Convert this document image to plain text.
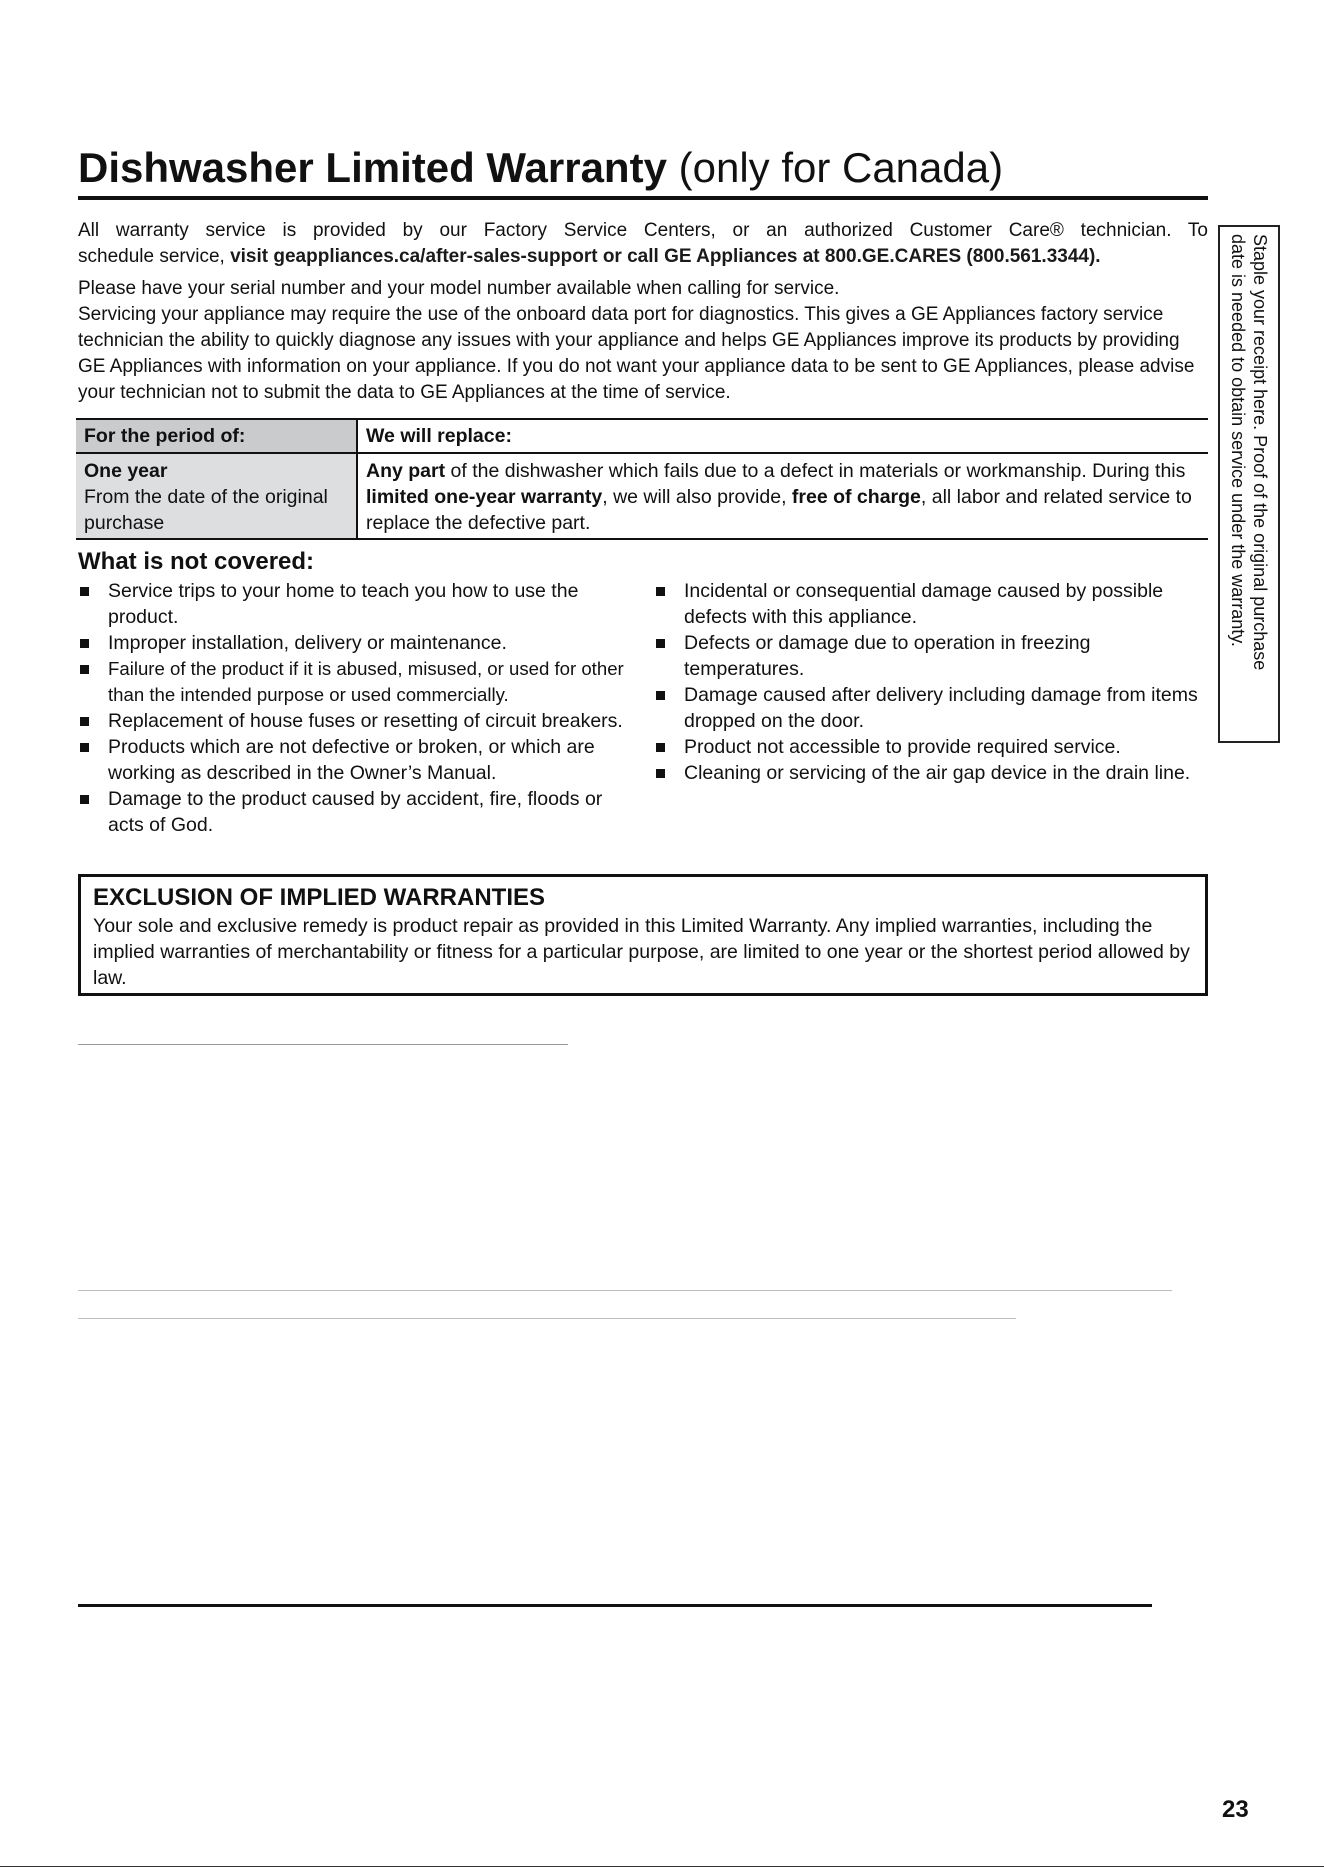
Dishwasher Limited Warranty (only for Canada)

All warranty service is provided by our Factory Service Centers, or an authorized Customer Care® technician. To

schedule service, visit geappliances.ca/after-sales-support or call GE Appliances at 800.GE.CARES (800.561.3344).

Please have your serial number and your model number available when calling for service.

Servicing your appliance may require the use of the onboard data port for diagnostics. This gives a GE Appliances factory service technician the ability to quickly diagnose any issues with your appliance and helps GE Appliances improve its products by providing GE Appliances with information on your appliance. If you do not want your appliance data to be sent to GE Appliances, please advise your technician not to submit the data to GE Appliances at the time of service.	Staple your receipt here. Proof of the original purchase
date is needed to obtain service under the warranty.
For the period of:	We will replace:

One year
From the date of the original purchase	Any part of the dishwasher which fails due to a defect in materials or workmanship. During this limited one-year warranty, we will also provide, free of charge, all labor and related service to replace the defective part.
What is not covered:
Service trips to your home to teach you how to use the product.
Improper installation, delivery or maintenance.
Failure of the product if it is abused, misused, or used for other than the intended purpose or used commercially.
Replacement of house fuses or resetting of circuit breakers.
Products which are not defective or broken, or which are working as described in the Owner’s Manual.
Damage to the product caused by accident, fire, floods or acts of God.
Incidental or consequential damage caused by possible defects with this appliance.
Defects or damage due to operation in freezing temperatures.
Damage caused after delivery including damage from items dropped on the door.
Product not accessible to provide required service.
Cleaning or servicing of the air gap device in the drain line.
EXCLUSION OF IMPLIED WARRANTIES
Your sole and exclusive remedy is product repair as provided in this Limited Warranty. Any implied warranties, including the implied warranties of merchantability or fitness for a particular purpose, are limited to one year or the shortest period allowed by law.
23
